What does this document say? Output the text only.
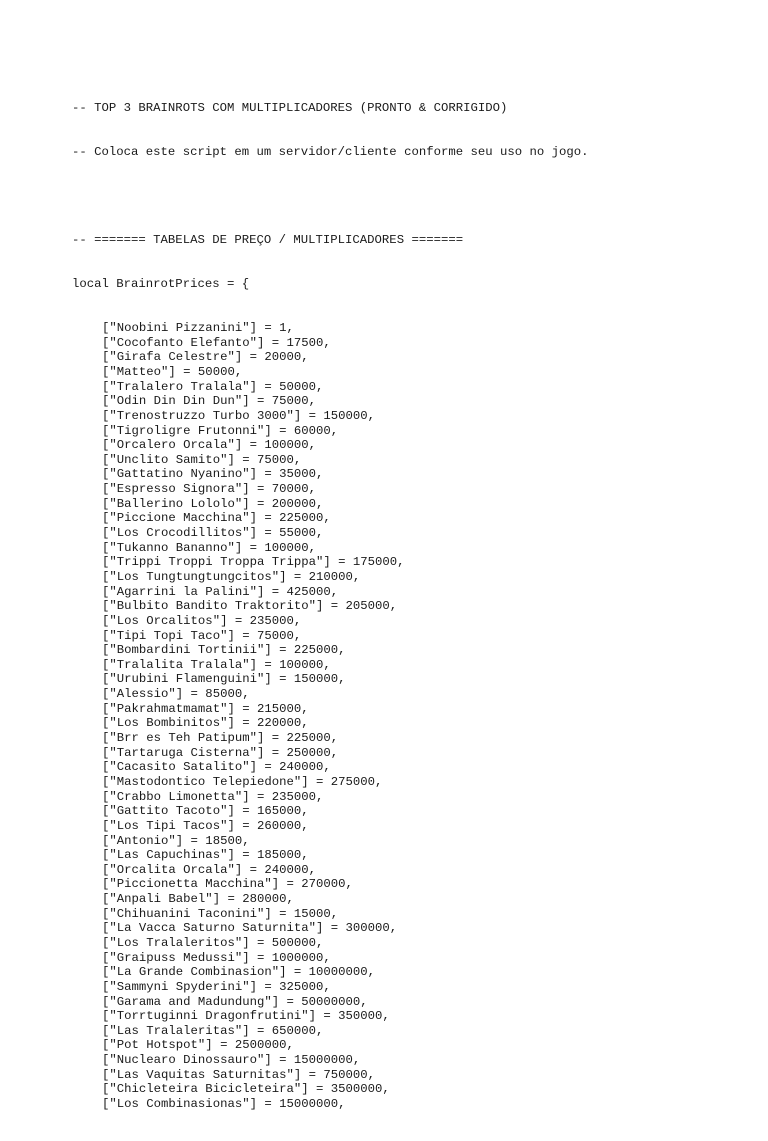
-- TOP 3 BRAINROTS COM MULTIPLICADORES (PRONTO & CORRIGIDO)

-- Coloca este script em um servidor/cliente conforme seu uso no jogo.

-- ======= TABELAS DE PREÇO / MULTIPLICADORES =======

local BrainrotPrices = {

["Noobini Pizzanini"] = 1,
["Cocofanto Elefanto"] = 17500,
["Girafa Celestre"] = 20000,
["Matteo"] = 50000,
["Tralalero Tralala"] = 50000,
["Odin Din Din Dun"] = 75000,
["Trenostruzzo Turbo 3000"] = 150000,
["Tigroligre Frutonni"] = 60000,
["Orcalero Orcala"] = 100000,
["Unclito Samito"] = 75000,
["Gattatino Nyanino"] = 35000,
["Espresso Signora"] = 70000,
["Ballerino Lololo"] = 200000,
["Piccione Macchina"] = 225000,
["Los Crocodillitos"] = 55000,
["Tukanno Bananno"] = 100000,
["Trippi Troppi Troppa Trippa"] = 175000,
["Los Tungtungtungcitos"] = 210000,
["Agarrini la Palini"] = 425000,
["Bulbito Bandito Traktorito"] = 205000,
["Los Orcalitos"] = 235000,
["Tipi Topi Taco"] = 75000,
["Bombardini Tortinii"] = 225000,
["Tralalita Tralala"] = 100000,
["Urubini Flamenguini"] = 150000,
["Alessio"] = 85000,
["Pakrahmatmamat"] = 215000,
["Los Bombinitos"] = 220000,
["Brr es Teh Patipum"] = 225000,
["Tartaruga Cisterna"] = 250000,
["Cacasito Satalito"] = 240000,
["Mastodontico Telepiedone"] = 275000,
["Crabbo Limonetta"] = 235000,
["Gattito Tacoto"] = 165000,
["Los Tipi Tacos"] = 260000,
["Antonio"] = 18500,
["Las Capuchinas"] = 185000,
["Orcalita Orcala"] = 240000,
["Piccionetta Macchina"] = 270000,
["Anpali Babel"] = 280000,
["Chihuanini Taconini"] = 15000,
["La Vacca Saturno Saturnita"] = 300000,
["Los Tralaleritos"] = 500000,
["Graipuss Medussi"] = 1000000,
["La Grande Combinasion"] = 10000000,
["Sammyni Spyderini"] = 325000,
["Garama and Madundung"] = 50000000,
["Torrtuginni Dragonfrutini"] = 350000,
["Las Tralaleritas"] = 650000,
["Pot Hotspot"] = 2500000,
["Nuclearo Dinossauro"] = 15000000,
["Las Vaquitas Saturnitas"] = 750000,
["Chicleteira Bicicleteira"] = 3500000,
["Los Combinasionas"] = 15000000,
